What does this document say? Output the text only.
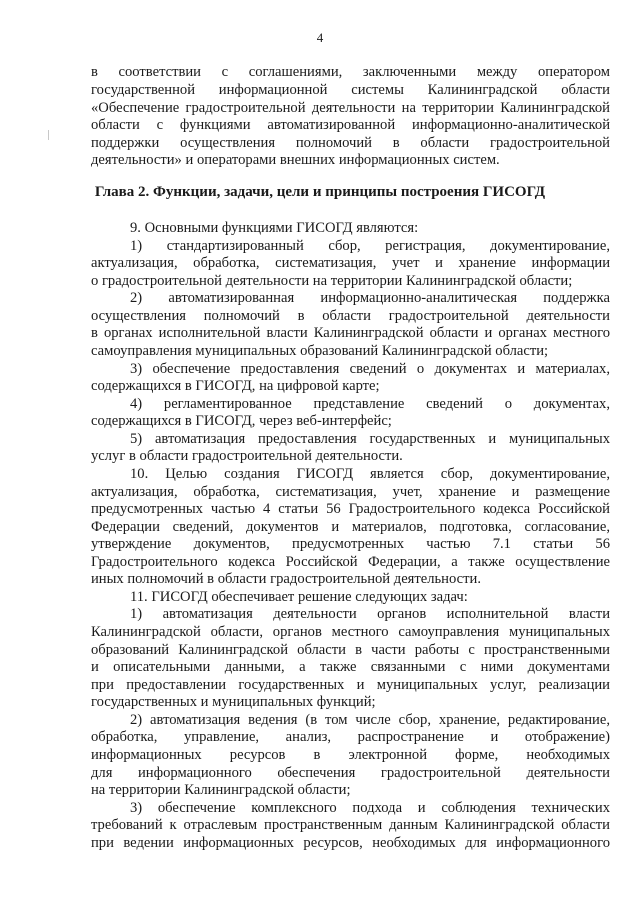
4
в соответствии с соглашениями, заключенными между оператором
государственной информационной системы Калининградской области
«Обеспечение градостроительной деятельности на территории Калининградской
области с функциями автоматизированной информационно-аналитической
поддержки осуществления полномочий в области градостроительной
деятельности» и операторами внешних информационных систем.
Глава 2. Функции, задачи, цели и принципы построения ГИСОГД
9. Основными функциями ГИСОГД являются:
1) стандартизированный сбор, регистрация, документирование,
актуализация, обработка, систематизация, учет и хранение информации
о градостроительной деятельности на территории Калининградской области;
2) автоматизированная информационно-аналитическая поддержка
осуществления полномочий в области градостроительной деятельности
в органах исполнительной власти Калининградской области и органах местного
самоуправления муниципальных образований Калининградской области;
3) обеспечение предоставления сведений о документах и материалах,
содержащихся в ГИСОГД, на цифровой карте;
4) регламентированное представление сведений о документах,
содержащихся в ГИСОГД, через веб-интерфейс;
5) автоматизация предоставления государственных и муниципальных
услуг в области градостроительной деятельности.
10. Целью создания ГИСОГД является сбор, документирование,
актуализация, обработка, систематизация, учет, хранение и размещение
предусмотренных частью 4 статьи 56 Градостроительного кодекса Российской
Федерации сведений, документов и материалов, подготовка, согласование,
утверждение документов, предусмотренных частью 7.1 статьи 56
Градостроительного кодекса Российской Федерации, а также осуществление
иных полномочий в области градостроительной деятельности.
11. ГИСОГД обеспечивает решение следующих задач:
1) автоматизация деятельности органов исполнительной власти
Калининградской области, органов местного самоуправления муниципальных
образований Калининградской области в части работы с пространственными
и описательными данными, а также связанными с ними документами
при предоставлении государственных и муниципальных услуг, реализации
государственных и муниципальных функций;
2) автоматизация ведения (в том числе сбор, хранение, редактирование,
обработка, управление, анализ, распространение и отображение)
информационных ресурсов в электронной форме, необходимых
для информационного обеспечения градостроительной деятельности
на территории Калининградской области;
3) обеспечение комплексного подхода и соблюдения технических
требований к отраслевым пространственным данным Калининградской области
при ведении информационных ресурсов, необходимых для информационного
